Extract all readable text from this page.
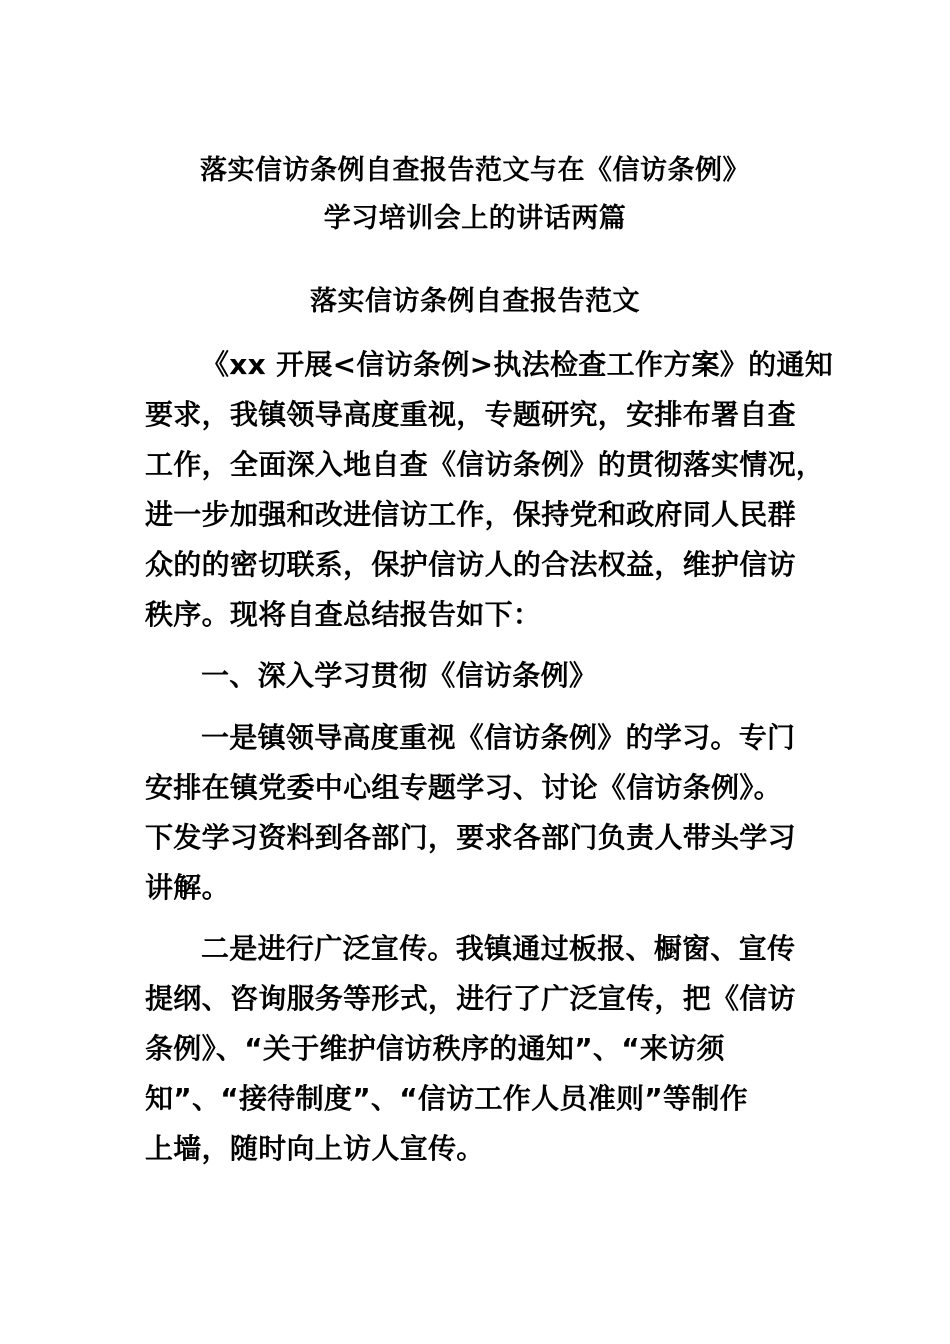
落实信访条例自查报告范文与在《信访条例》
学习培训会上的讲话两篇
落实信访条例自查报告范文
《xx 开展<信访条例>执法检查工作方案》的通知
要求，我镇领导高度重视，专题研究，安排布署自查
工作，全面深入地自查《信访条例》的贯彻落实情况，
进一步加强和改进信访工作，保持党和政府同人民群
众的的密切联系，保护信访人的合法权益，维护信访
秩序。现将自查总结报告如下：
一、深入学习贯彻《信访条例》
一是镇领导高度重视《信访条例》的学习。专门
安排在镇党委中心组专题学习、讨论《信访条例》。
下发学习资料到各部门，要求各部门负责人带头学习
讲解。
二是进行广泛宣传。我镇通过板报、橱窗、宣传
提纲、咨询服务等形式，进行了广泛宣传，把《信访
条例》、“关于维护信访秩序的通知”、“来访须
知”、“接待制度”、“信访工作人员准则”等制作
上墙，随时向上访人宣传。
